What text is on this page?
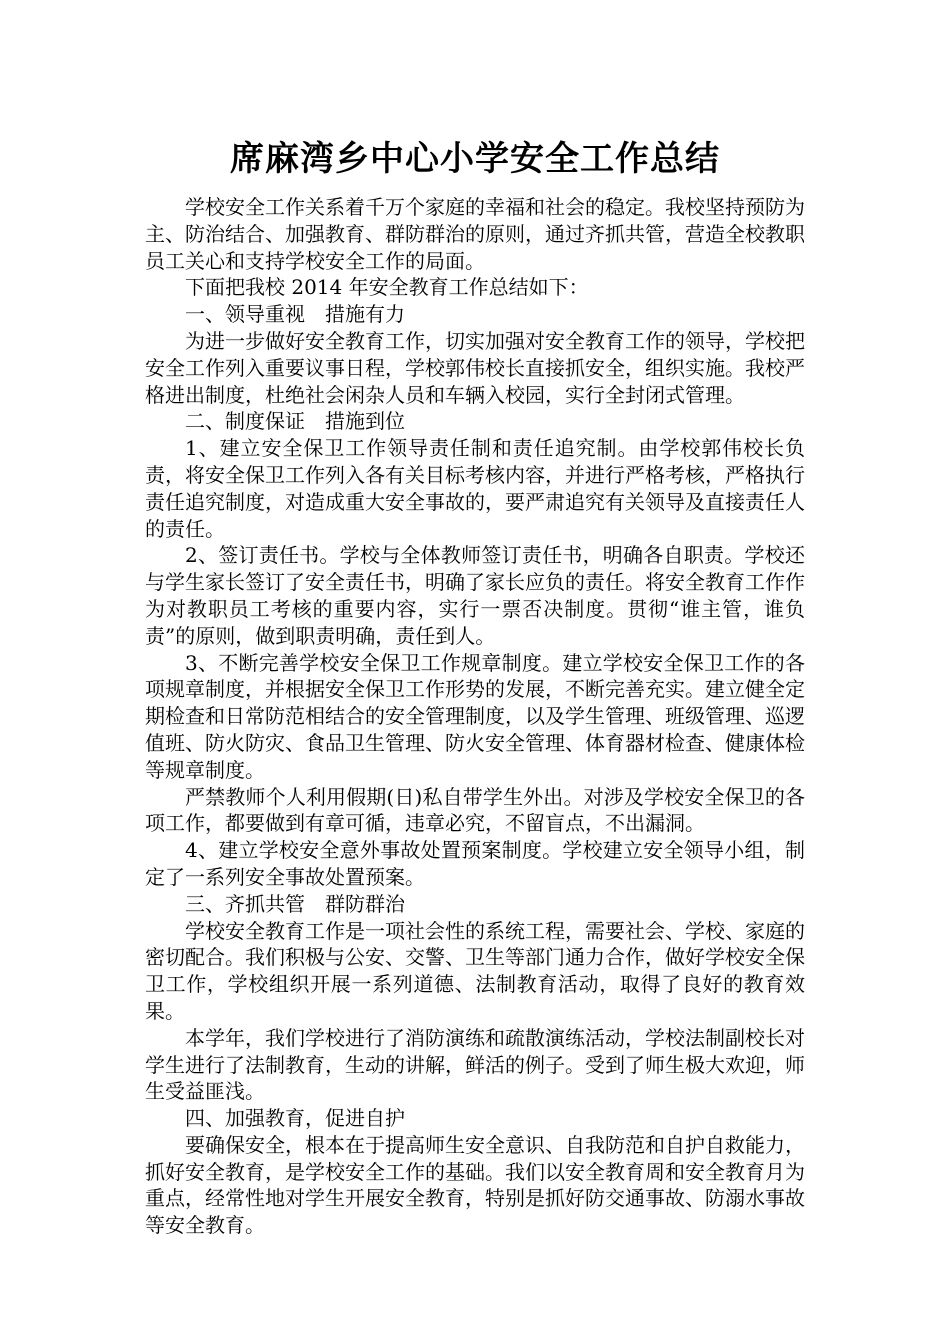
席麻湾乡中心小学安全工作总结

学校安全工作关系着千万个家庭的幸福和社会的稳定。我校坚持预防为主、防治结合、加强教育、群防群治的原则，通过齐抓共管，营造全校教职员工关心和支持学校安全工作的局面。

下面把我校 2014 年安全教育工作总结如下：

一、领导重视　措施有力

为进一步做好安全教育工作，切实加强对安全教育工作的领导，学校把安全工作列入重要议事日程，学校郭伟校长直接抓安全，组织实施。我校严格进出制度，杜绝社会闲杂人员和车辆入校园，实行全封闭式管理。

二、制度保证　措施到位

1、建立安全保卫工作领导责任制和责任追究制。由学校郭伟校长负责，将安全保卫工作列入各有关目标考核内容，并进行严格考核，严格执行责任追究制度，对造成重大安全事故的，要严肃追究有关领导及直接责任人的责任。

2、签订责任书。学校与全体教师签订责任书，明确各自职责。学校还与学生家长签订了安全责任书，明确了家长应负的责任。将安全教育工作作为对教职员工考核的重要内容，实行一票否决制度。贯彻“谁主管，谁负责”的原则，做到职责明确，责任到人。

3、不断完善学校安全保卫工作规章制度。建立学校安全保卫工作的各项规章制度，并根据安全保卫工作形势的发展，不断完善充实。建立健全定期检查和日常防范相结合的安全管理制度，以及学生管理、班级管理、巡逻值班、防火防灾、食品卫生管理、防火安全管理、体育器材检查、健康体检等规章制度。

严禁教师个人利用假期(日)私自带学生外出。对涉及学校安全保卫的各项工作，都要做到有章可循，违章必究，不留盲点，不出漏洞。

4、建立学校安全意外事故处置预案制度。学校建立安全领导小组，制定了一系列安全事故处置预案。

三、齐抓共管　群防群治

学校安全教育工作是一项社会性的系统工程，需要社会、学校、家庭的密切配合。我们积极与公安、交警、卫生等部门通力合作，做好学校安全保卫工作，学校组织开展一系列道德、法制教育活动，取得了良好的教育效果。

本学年，我们学校进行了消防演练和疏散演练活动，学校法制副校长对学生进行了法制教育，生动的讲解，鲜活的例子。受到了师生极大欢迎，师生受益匪浅。

四、加强教育，促进自护

要确保安全，根本在于提高师生安全意识、自我防范和自护自救能力，抓好安全教育，是学校安全工作的基础。我们以安全教育周和安全教育月为重点，经常性地对学生开展安全教育，特别是抓好防交通事故、防溺水事故等安全教育。
